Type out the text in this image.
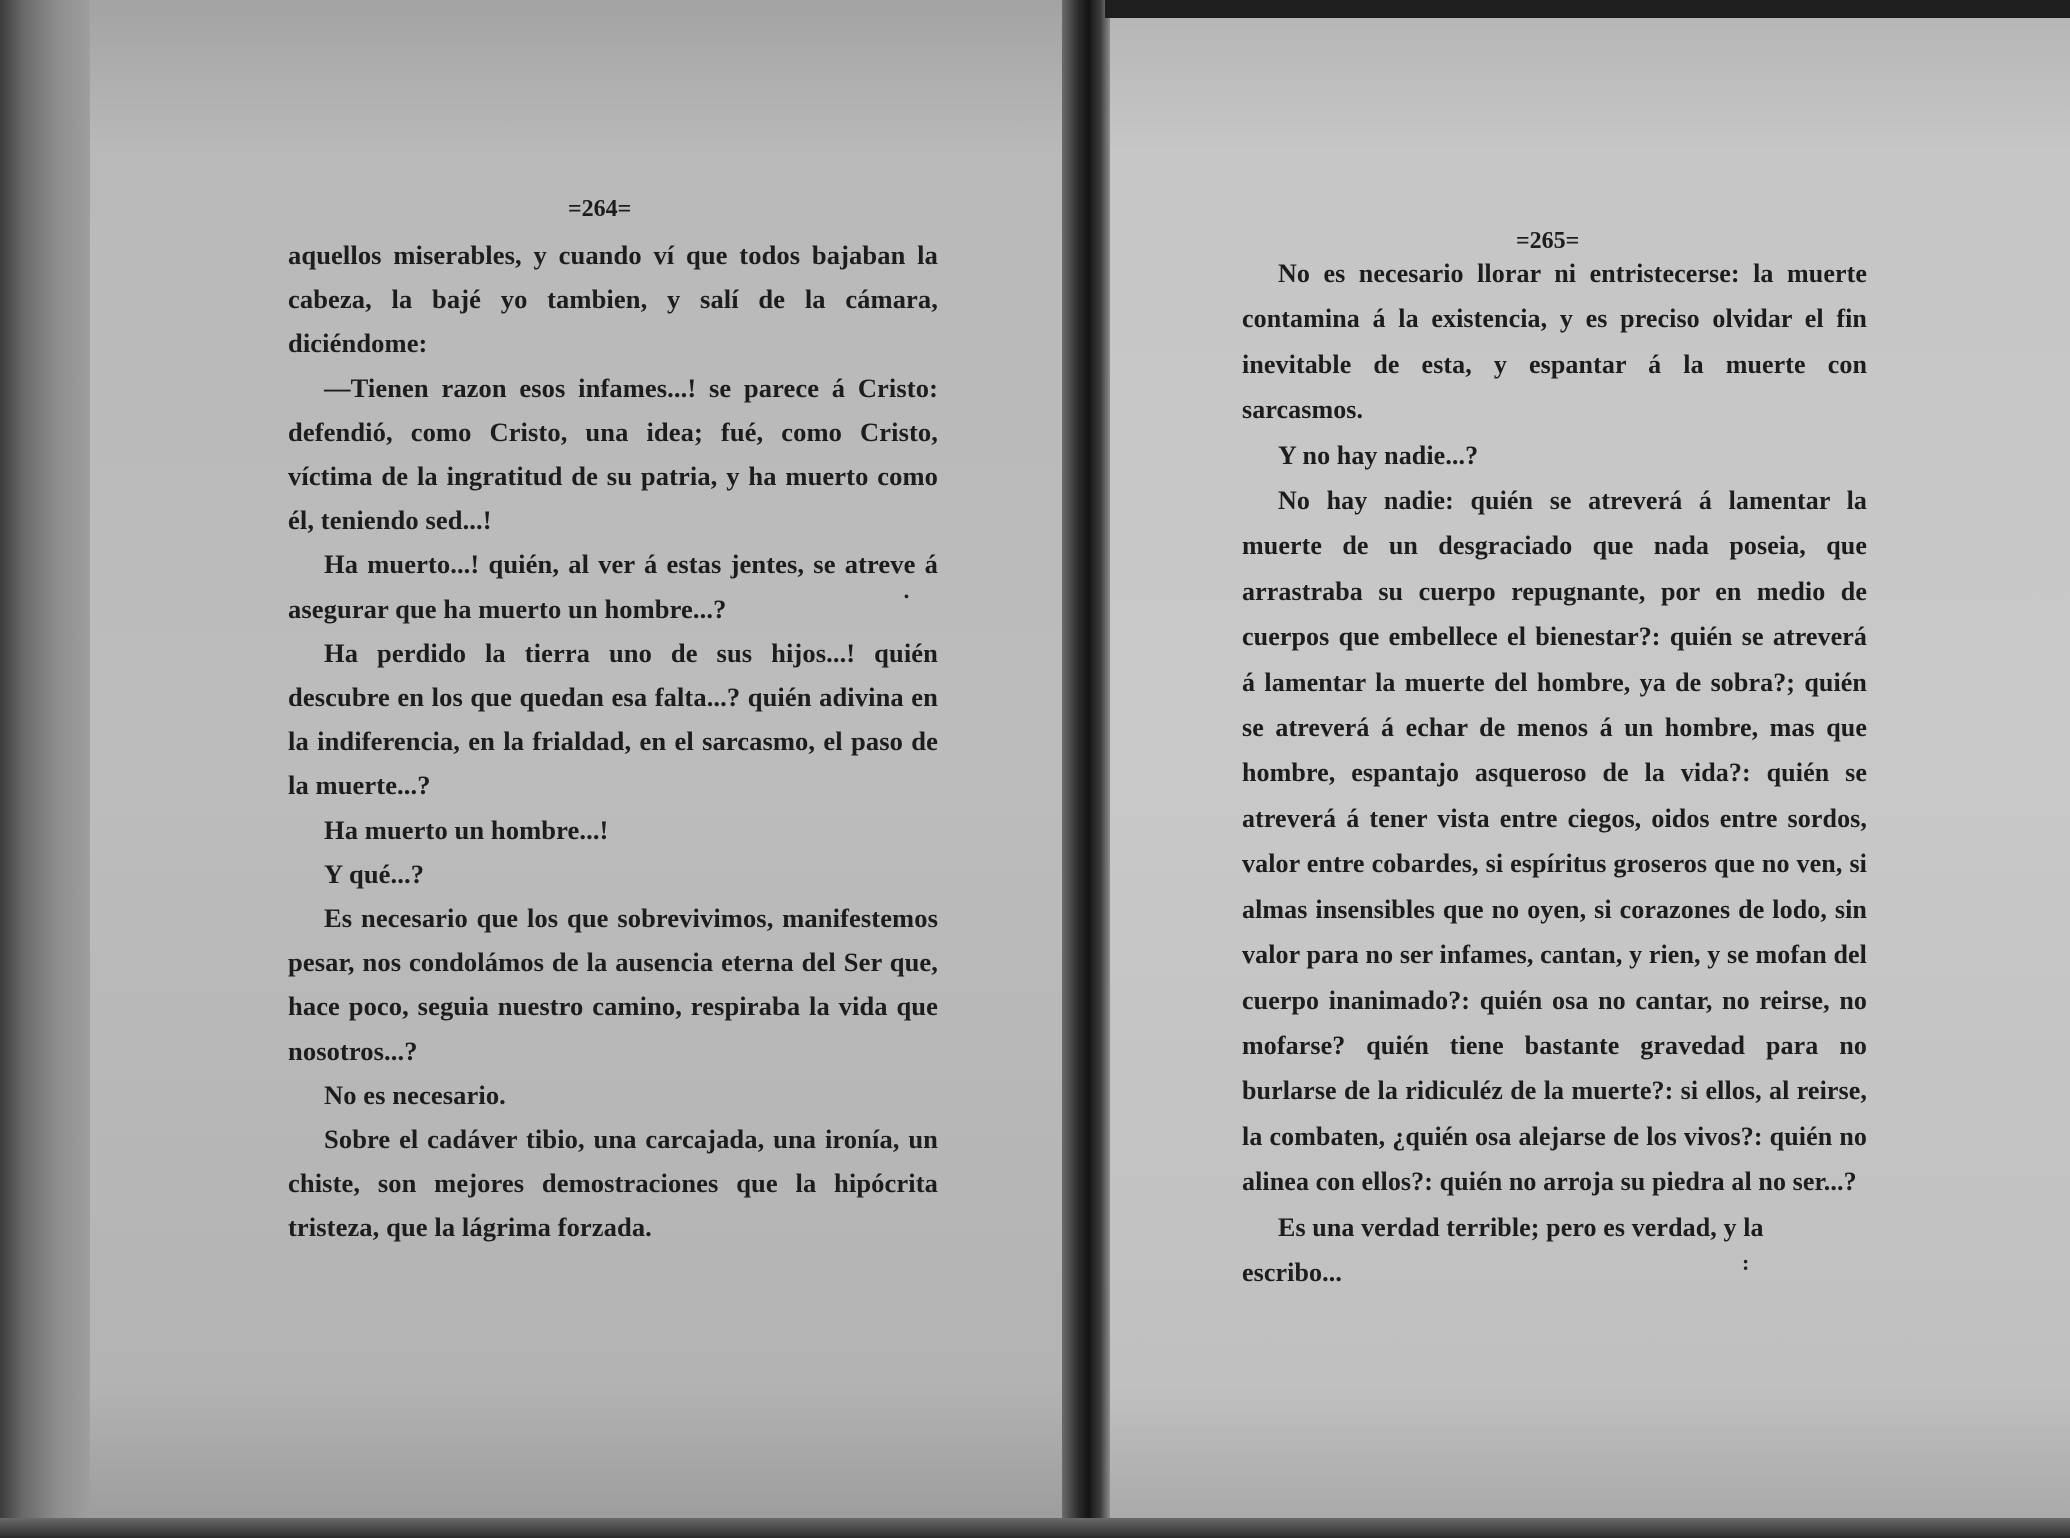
=264=
=265=

aquellos miserables, y cuando ví que todos bajaban la cabeza, la bajé yo tambien, y salí de la cámara, diciéndome:

—Tienen razon esos infames...! se parece á Cristo: defendió, como Cristo, una idea; fué, como Cristo, víctima de la ingratitud de su patria, y ha muerto como él, teniendo sed...!

Ha muerto...! quién, al ver á estas jentes, se atreve á asegurar que ha muerto un hombre...?

Ha perdido la tierra uno de sus hijos...! quién descubre en los que quedan esa falta...? quién adivina en la indiferencia, en la frialdad, en el sarcasmo, el paso de la muerte...?

Ha muerto un hombre...!

Y qué...?

Es necesario que los que sobrevivimos, manifestemos pesar, nos condolámos de la ausencia eterna del Ser que, hace poco, seguia nuestro camino, respiraba la vida que nosotros...?

No es necesario.

Sobre el cadáver tibio, una carcajada, una ironía, un chiste, son mejores demostraciones que la hipócrita tristeza, que la lágrima forzada.

No es necesario llorar ni entristecerse: la muerte contamina á la existencia, y es preciso olvidar el fin inevitable de esta, y espantar á la muerte con sarcasmos.

Y no hay nadie...?

No hay nadie: quién se atreverá á lamentar la muerte de un desgraciado que nada poseia, que arrastraba su cuerpo repugnante, por en medio de cuerpos que embellece el bienestar?: quién se atreverá á lamentar la muerte del hombre, ya de sobra?; quién se atreverá á echar de menos á un hombre, mas que hombre, espantajo asqueroso de la vida?: quién se atreverá á tener vista entre ciegos, oidos entre sordos, valor entre cobardes, si espíritus groseros que no ven, si almas insensibles que no oyen, si corazones de lodo, sin valor para no ser infames, cantan, y rien, y se mofan del cuerpo inanimado?: quién osa no cantar, no reirse, no mofarse? quién tiene bastante gravedad para no burlarse de la ridiculéz de la muerte?: si ellos, al reirse, la combaten, ¿quién osa alejarse de los vivos?: quién no alinea con ellos?: quién no arroja su piedra al no ser...?

Es una verdad terrible; pero es verdad, y la escribo...	:
•
